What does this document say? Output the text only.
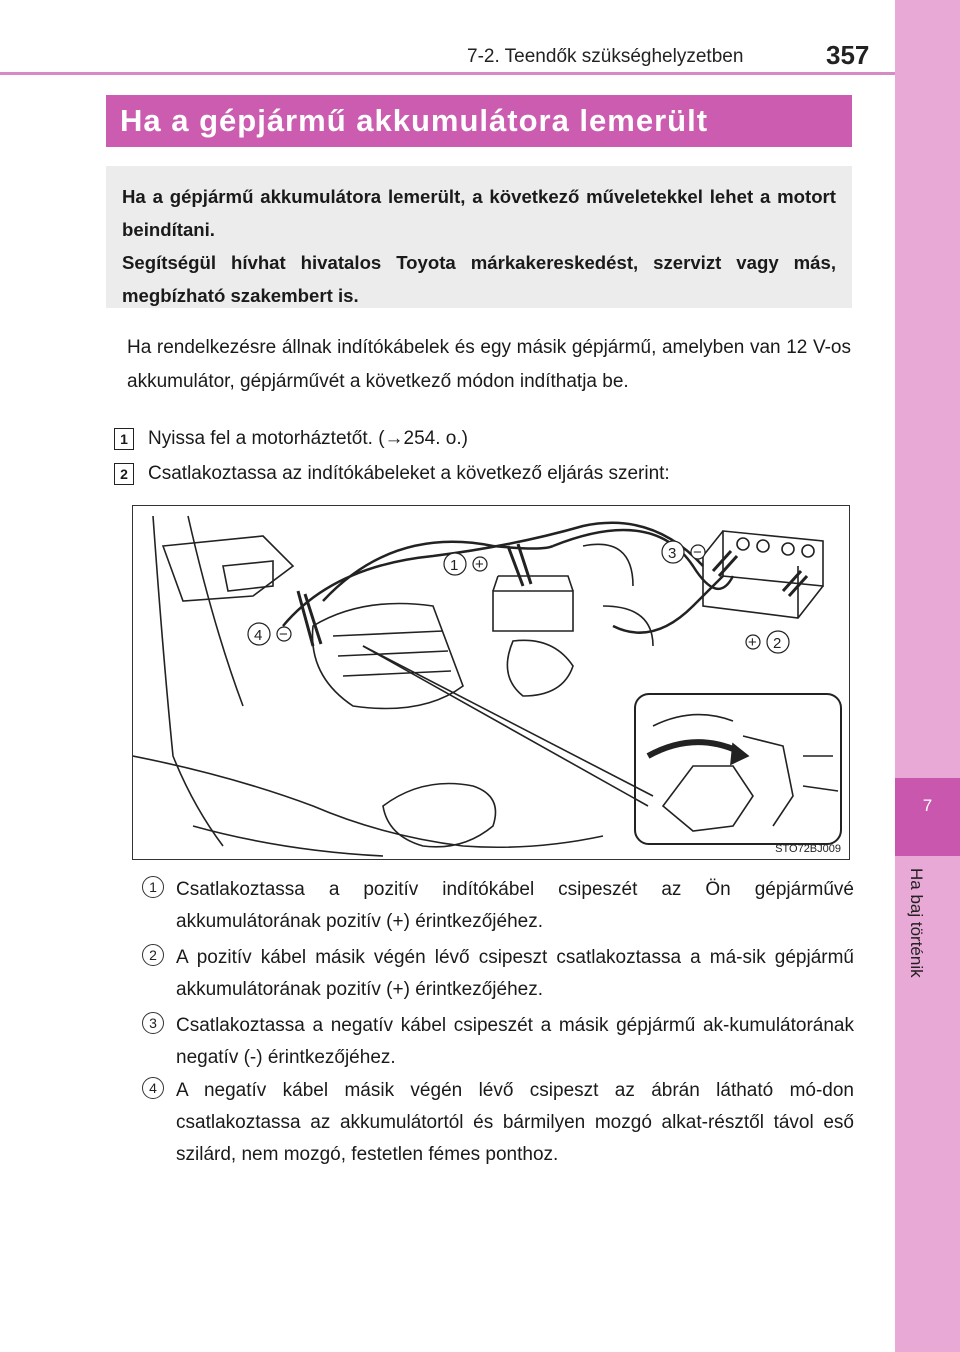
7-2. Teendők szükséghelyzetben	357
7
Ha baj történik
Ha a gépjármű akkumulátora lemerült

Ha a gépjármű akkumulátora lemerült, a következő műveletekkel lehet a motort beindítani.

Segítségül hívhat hivatalos Toyota márkakereskedést, szervizt vagy más, megbízható szakembert is.

Ha rendelkezésre állnak indítókábelek és egy másik gépjármű, amelyben van 12 V-os akkumulátor, gépjárművét a következő módon indíthatja be.

1	Nyissa fel a motorháztetőt. (→254. o.)
2	Csatlakoztassa az indítókábeleket a következő eljárás szerint:
1 +
2
+
3 −
4 −
STO72BJ009
1	Csatlakoztassa a pozitív indítókábel csipeszét az Ön gépjárművé akkumulátorának pozitív (+) érintkezőjéhez.

2	A pozitív kábel másik végén lévő csipeszt csatlakoztassa a má-sik gépjármű akkumulátorának pozitív (+) érintkezőjéhez.

3	Csatlakoztassa a negatív kábel csipeszét a másik gépjármű ak-kumulátorának negatív (-) érintkezőjéhez.

4	A negatív kábel másik végén lévő csipeszt az ábrán látható mó-don csatlakoztassa az akkumulátortól és bármilyen mozgó alkat-résztől távol eső szilárd, nem mozgó, festetlen fémes ponthoz.
